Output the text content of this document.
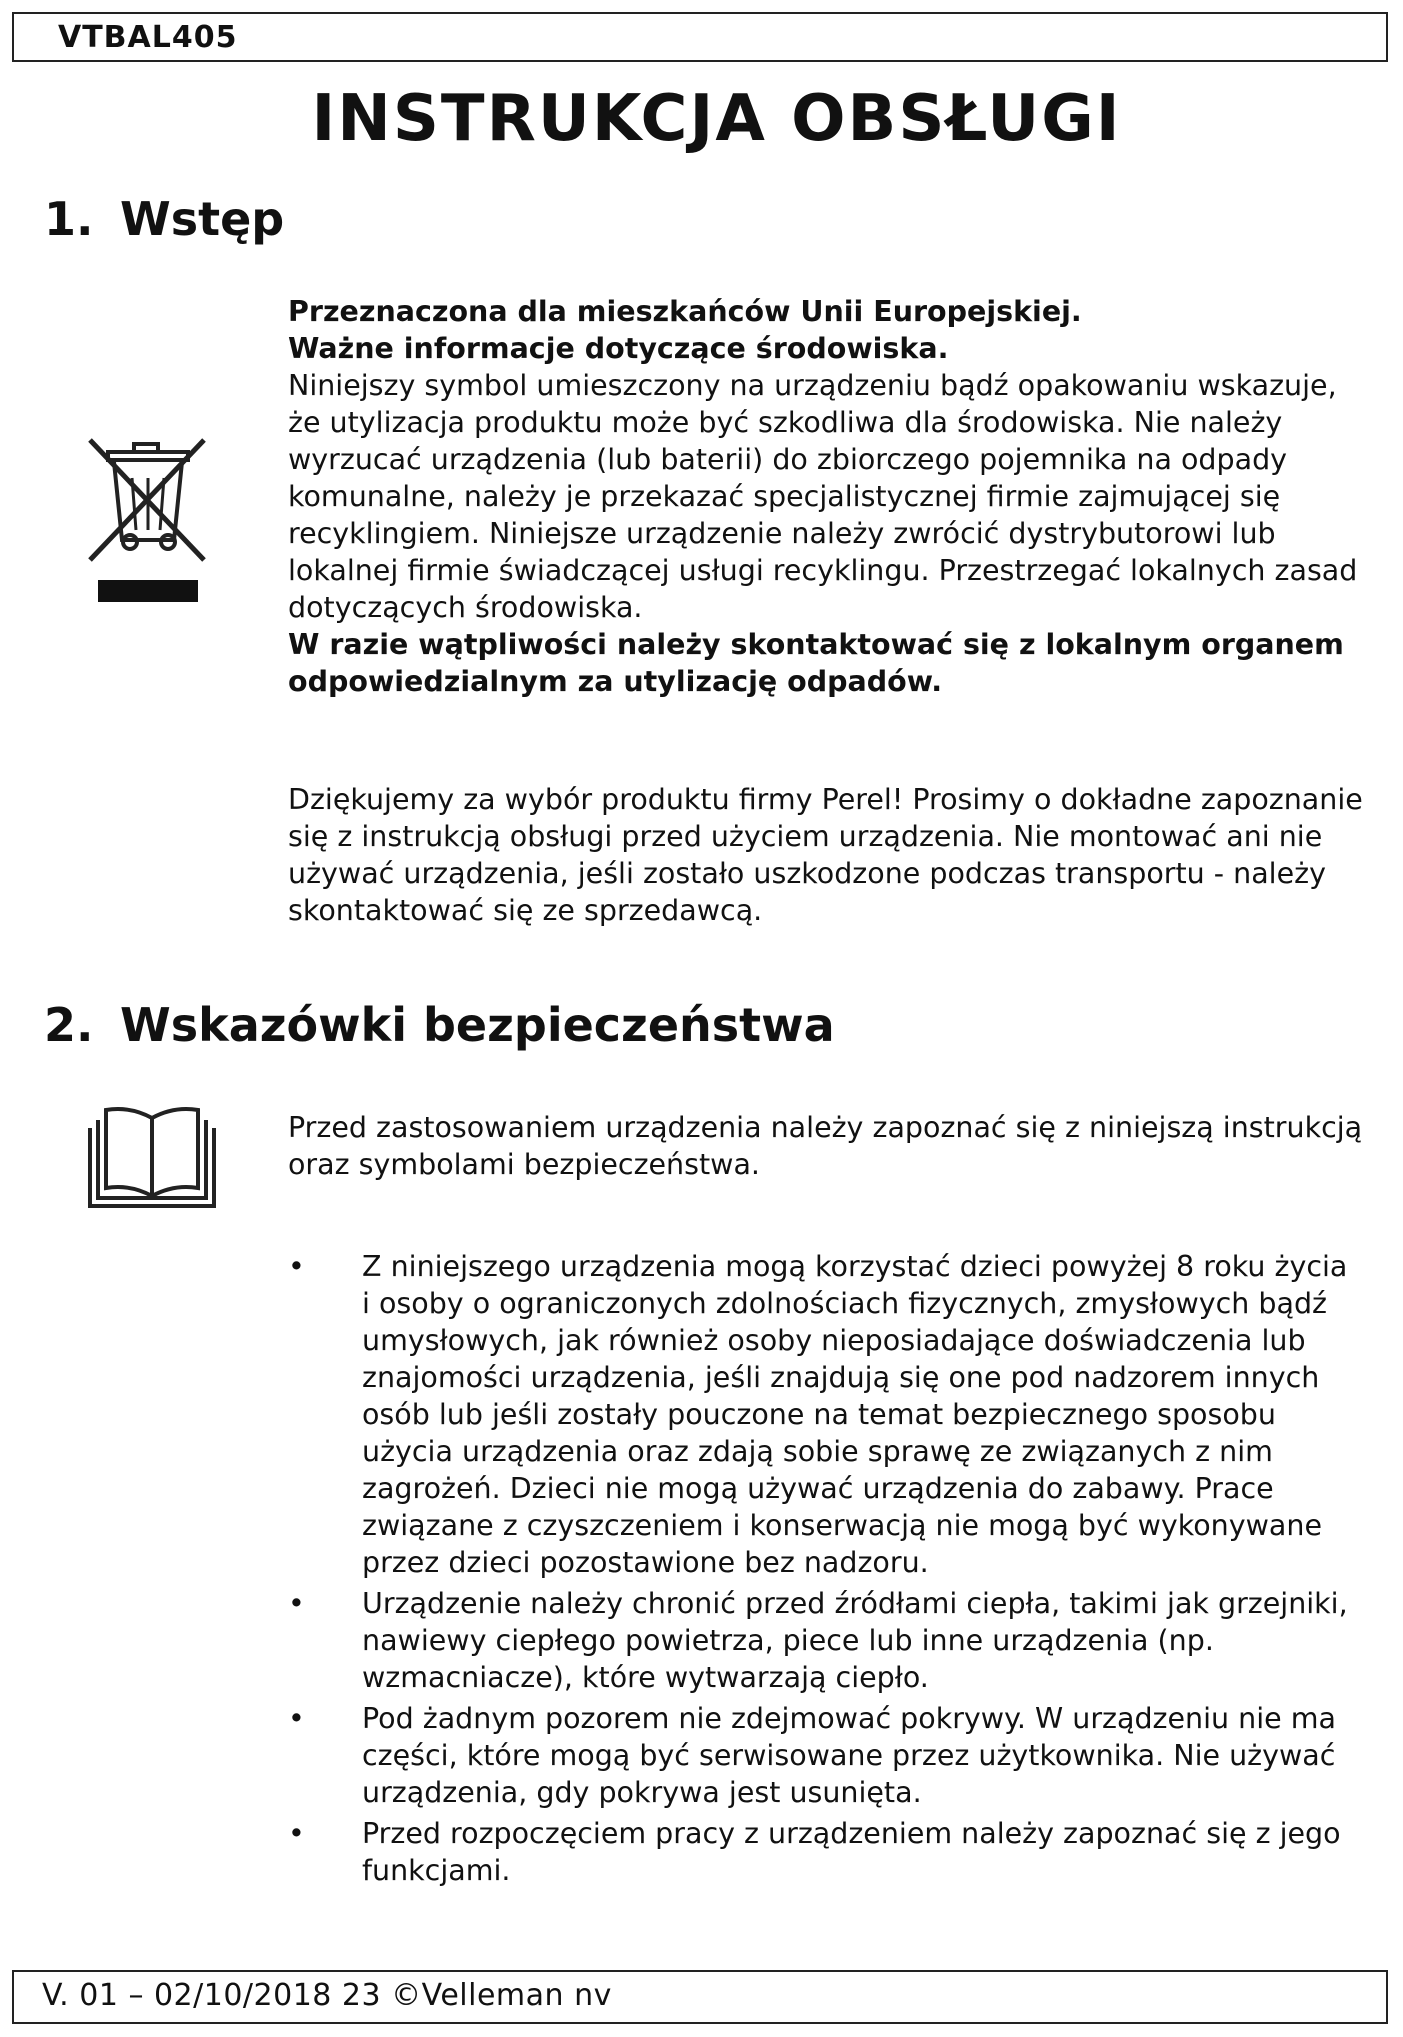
VTBAL405
INSTRUKCJA OBSŁUGI
1. Wstęp
Przeznaczona dla mieszkańców Unii Europejskiej.
Ważne informacje dotyczące środowiska.
Niniejszy symbol umieszczony na urządzeniu bądź opakowaniu wskazuje, że utylizacja produktu może być szkodliwa dla środowiska. Nie należy wyrzucać urządzenia (lub baterii) do zbiorczego pojemnika na odpady komunalne, należy je przekazać specjalistycznej firmie zajmującej się recyklingiem. Niniejsze urządzenie należy zwrócić dystrybutorowi lub lokalnej firmie świadczącej usługi recyklingu. Przestrzegać lokalnych zasad dotyczących środowiska.
W razie wątpliwości należy skontaktować się z lokalnym organem odpowiedzialnym za utylizację odpadów.
Dziękujemy za wybór produktu firmy Perel! Prosimy o dokładne zapoznanie się z instrukcją obsługi przed użyciem urządzenia. Nie montować ani nie używać urządzenia, jeśli zostało uszkodzone podczas transportu - należy skontaktować się ze sprzedawcą.
2. Wskazówki bezpieczeństwa
Przed zastosowaniem urządzenia należy zapoznać się z niniejszą instrukcją oraz symbolami bezpieczeństwa.
•	Z niniejszego urządzenia mogą korzystać dzieci powyżej 8 roku życia i osoby o ograniczonych zdolnościach fizycznych, zmysłowych bądź umysłowych, jak również osoby nieposiadające doświadczenia lub znajomości urządzenia, jeśli znajdują się one pod nadzorem innych osób lub jeśli zostały pouczone na temat bezpiecznego sposobu użycia urządzenia oraz zdają sobie sprawę ze związanych z nim zagrożeń. Dzieci nie mogą używać urządzenia do zabawy. Prace związane z czyszczeniem i konserwacją nie mogą być wykonywane przez dzieci pozostawione bez nadzoru.
•	Urządzenie należy chronić przed źródłami ciepła, takimi jak grzejniki, nawiewy ciepłego powietrza, piece lub inne urządzenia (np. wzmacniacze), które wytwarzają ciepło.
•	Pod żadnym pozorem nie zdejmować pokrywy. W urządzeniu nie ma części, które mogą być serwisowane przez użytkownika. Nie używać urządzenia, gdy pokrywa jest usunięta.
•	Przed rozpoczęciem pracy z urządzeniem należy zapoznać się z jego funkcjami.
V. 01 – 02/10/2018 23 ©Velleman nv
